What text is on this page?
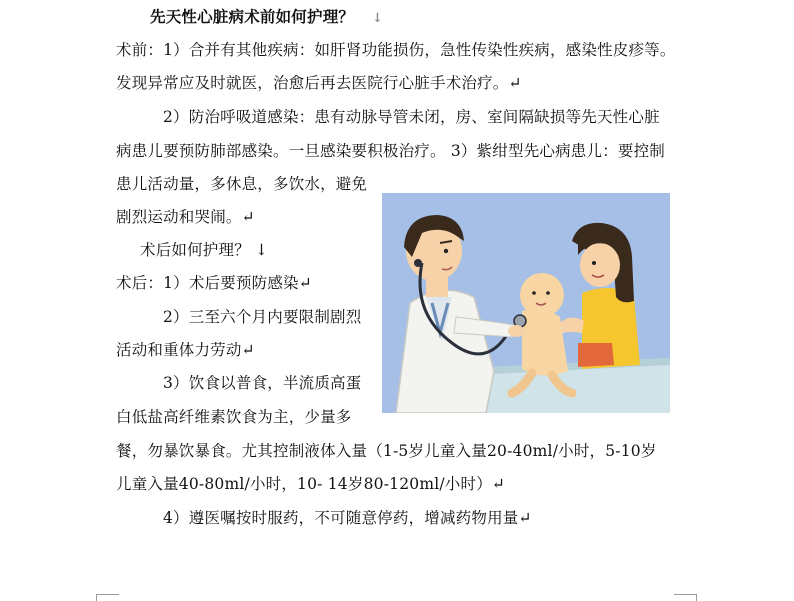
先天性心脏病术前如何护理？ ↓
术前：1）合并有其他疾病：如肝肾功能损伤，急性传染性疾病，感染性皮疹等。
发现异常应及时就医，治愈后再去医院行心脏手术治疗。↵
2）防治呼吸道感染：患有动脉导管未闭，房、室间隔缺损等先天性心脏
病患儿要预防肺部感染。一旦感染要积极治疗。 3）紫绀型先心病患儿：要控制
患儿活动量，多休息，多饮水，避免
剧烈运动和哭闹。↵
术后如何护理？ ↓
术后：1）术后要预防感染↵
2）三至六个月内要限制剧烈
活动和重体力劳动↵
3）饮食以普食，半流质高蛋
白低盐高纤维素饮食为主，少量多
餐，勿暴饮暴食。尤其控制液体入量（1-5岁儿童入量20-40ml/小时，5-10岁
儿童入量40-80ml/小时，10- 14岁80-120ml/小时）↵
4）遵医嘱按时服药，不可随意停药，增减药物用量↵
